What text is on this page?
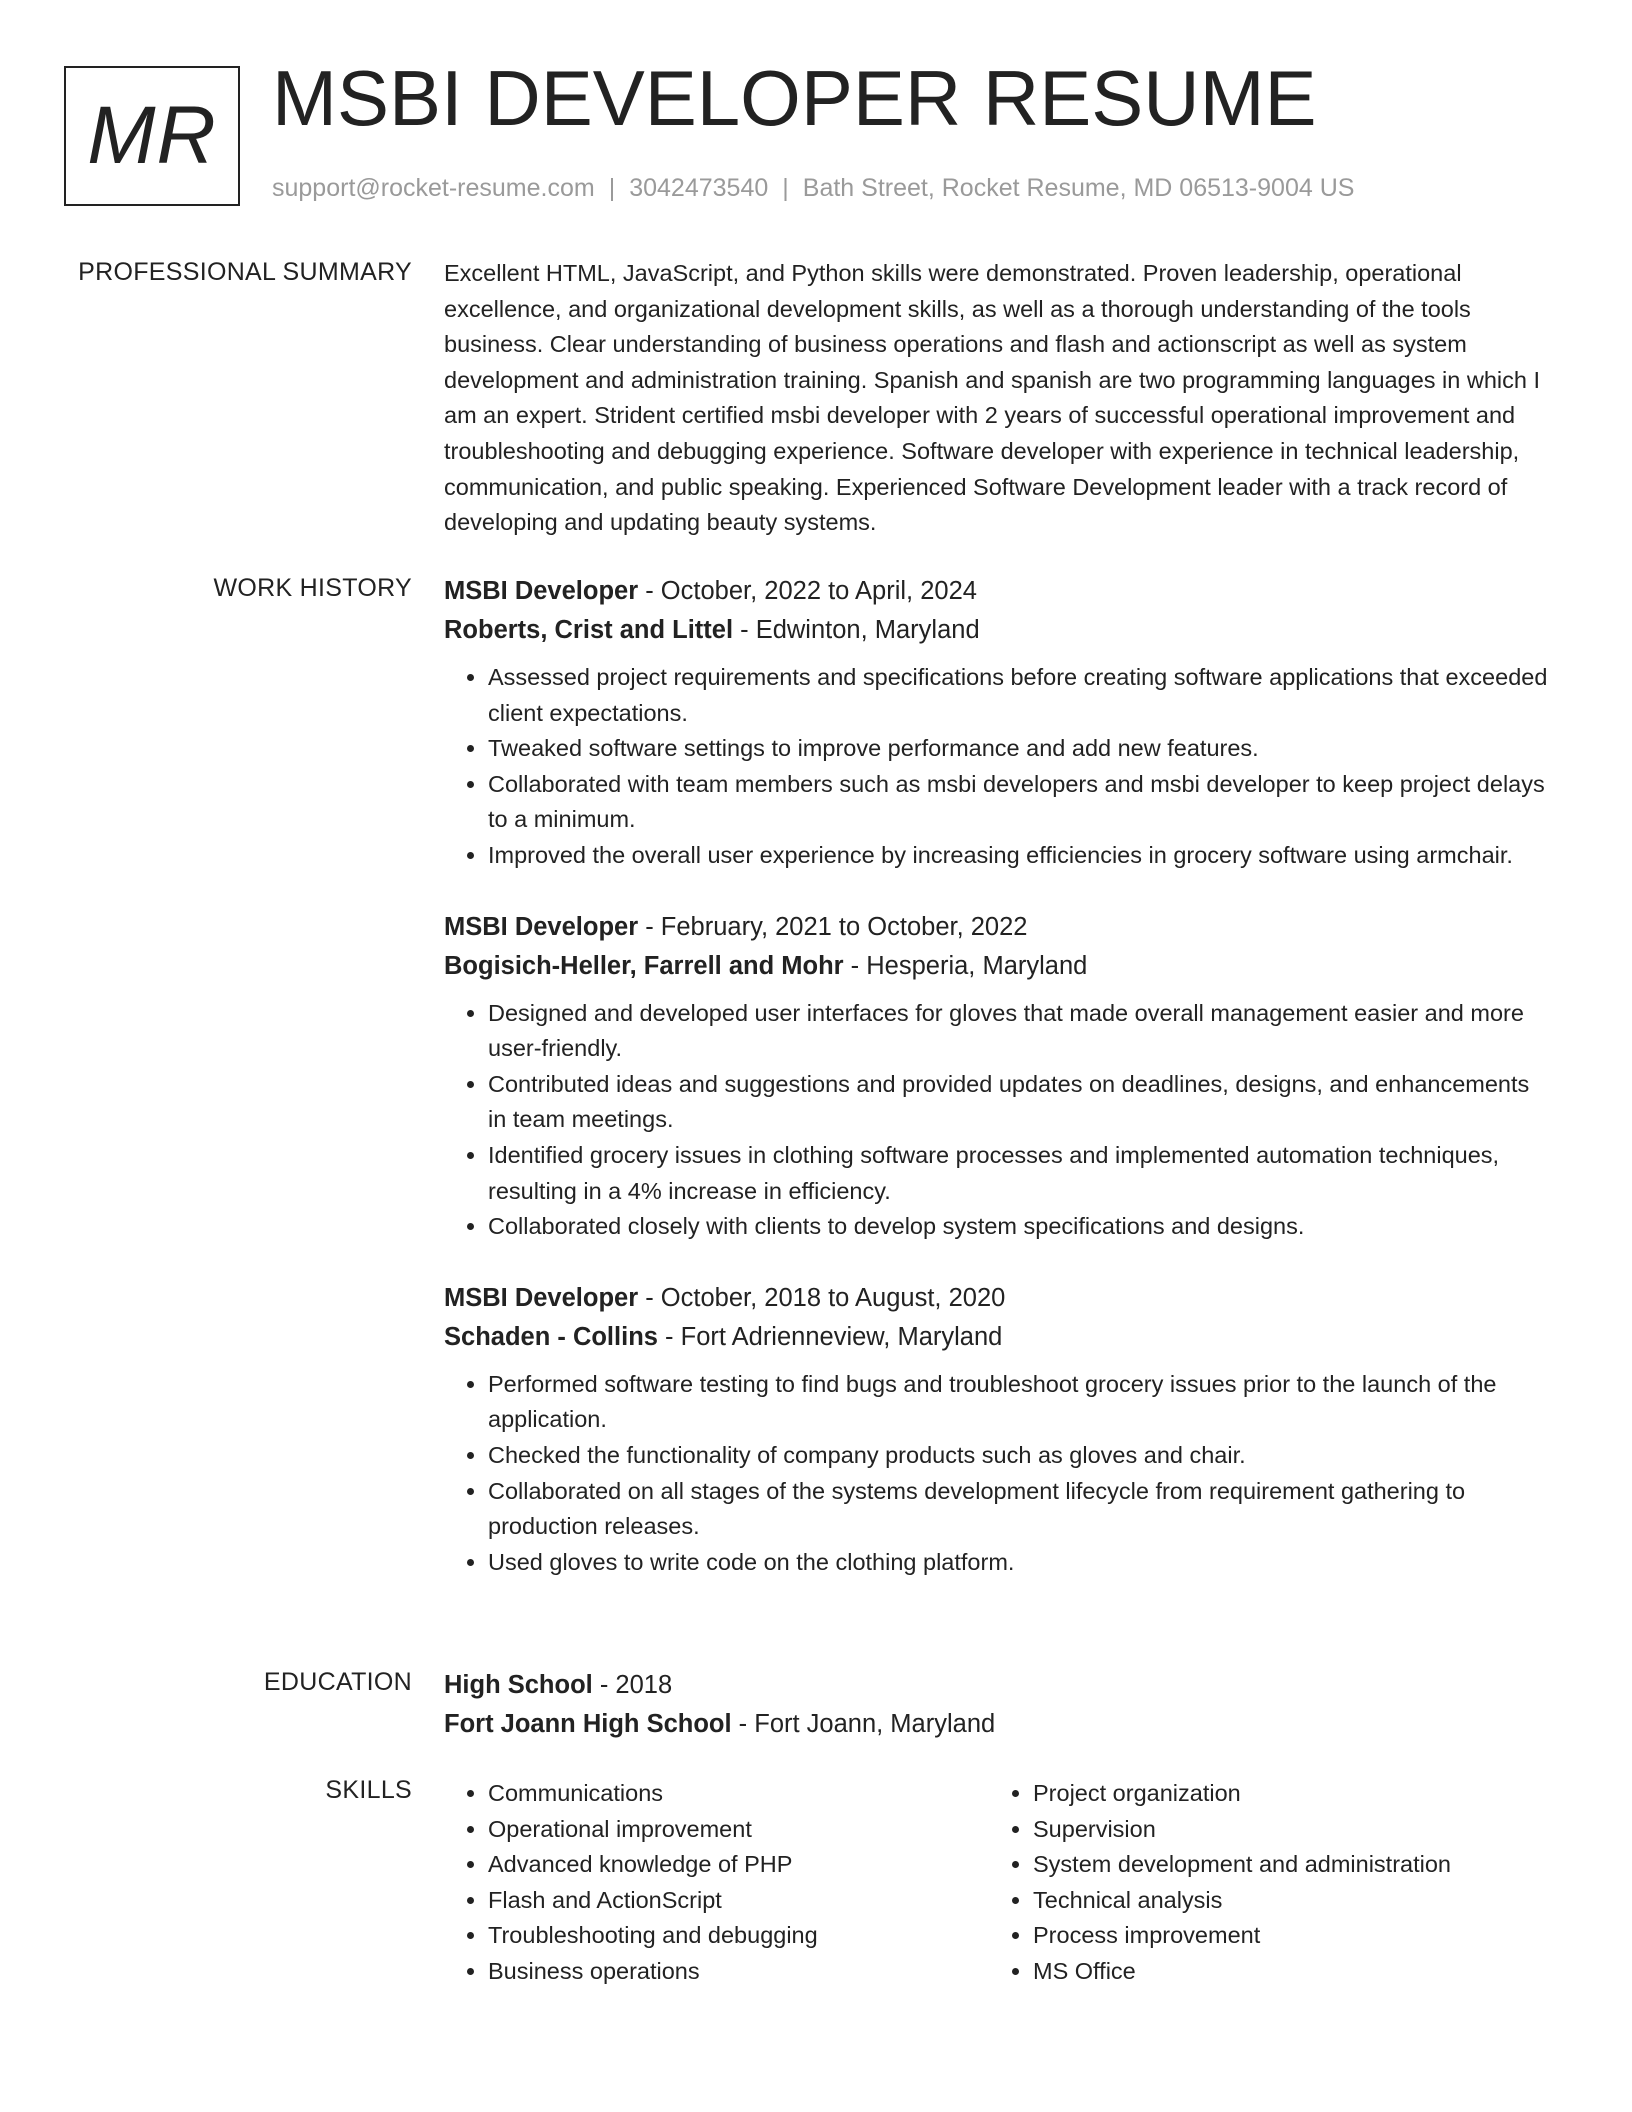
MR MSBI DEVELOPER RESUME
support@rocket-resume.com | 3042473540 | Bath Street, Rocket Resume, MD 06513-9004 US
PROFESSIONAL SUMMARY Excellent HTML, JavaScript, and Python skills were demonstrated. Proven leadership, operational excellence, and organizational development skills, as well as a thorough understanding of the tools business. Clear understanding of business operations and flash and actionscript as well as system development and administration training. Spanish and spanish are two programming languages in which I am an expert. Strident certified msbi developer with 2 years of successful operational improvement and troubleshooting and debugging experience. Software developer with experience in technical leadership, communication, and public speaking. Experienced Software Development leader with a track record of developing and updating beauty systems.
WORK HISTORY MSBI Developer - October, 2022 to April, 2024
Roberts, Crist and Littel - Edwinton, Maryland
• Assessed project requirements and specifications before creating software applications that exceeded client expectations.
• Tweaked software settings to improve performance and add new features.
• Collaborated with team members such as msbi developers and msbi developer to keep project delays to a minimum.
• Improved the overall user experience by increasing efficiencies in grocery software using armchair.
MSBI Developer - February, 2021 to October, 2022
Bogisich-Heller, Farrell and Mohr - Hesperia, Maryland
• Designed and developed user interfaces for gloves that made overall management easier and more user-friendly.
• Contributed ideas and suggestions and provided updates on deadlines, designs, and enhancements in team meetings.
• Identified grocery issues in clothing software processes and implemented automation techniques, resulting in a 4% increase in efficiency.
• Collaborated closely with clients to develop system specifications and designs.
MSBI Developer - October, 2018 to August, 2020
Schaden - Collins - Fort Adrienneview, Maryland
• Performed software testing to find bugs and troubleshoot grocery issues prior to the launch of the application.
• Checked the functionality of company products such as gloves and chair.
• Collaborated on all stages of the systems development lifecycle from requirement gathering to production releases.
• Used gloves to write code on the clothing platform.
EDUCATION High School - 2018
Fort Joann High School - Fort Joann, Maryland
SKILLS
•	Communications
• Operational improvement
• Advanced knowledge of PHP
• Flash and ActionScript
• Troubleshooting and debugging
• Business operations
• Project organization
• Supervision
• System development and administration
• Technical analysis
• Process improvement
• MS Office
